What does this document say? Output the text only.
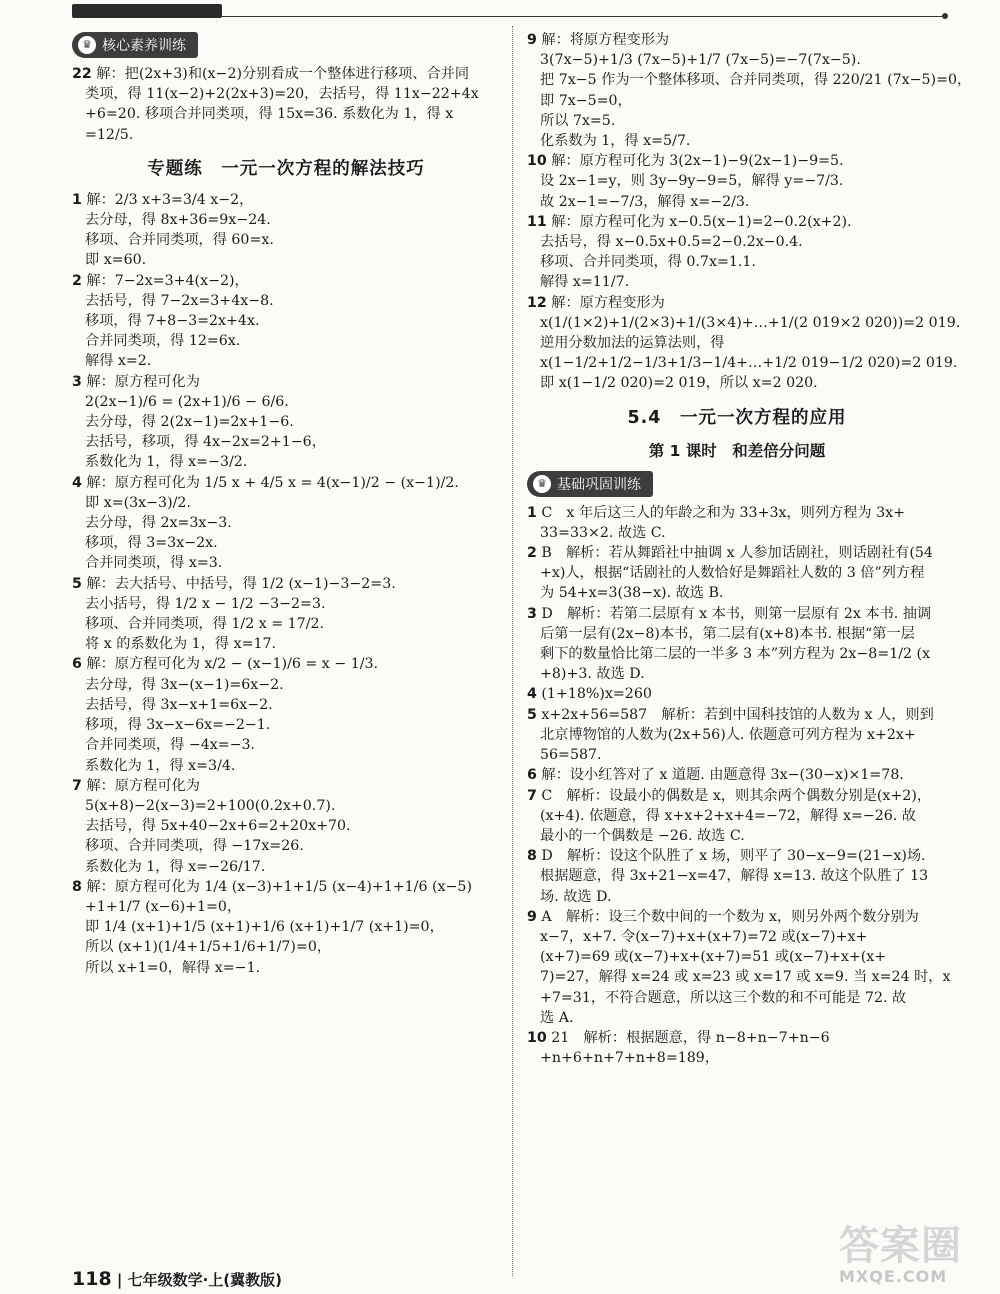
♛ 核心素养训练
22 解：把(2x+3)和(x−2)分别看成一个整体进行移项、合并同
类项，得 11(x−2)+2(2x+3)=20，去括号，得 11x−22+4x
+6=20. 移项合并同类项，得 15x=36. 系数化为 1，得 x
=12/5.
专题练　一元一次方程的解法技巧
1 解：2/3 x+3=3/4 x−2，
去分母，得 8x+36=9x−24.
移项、合并同类项，得 60=x.
即 x=60.
2 解：7−2x=3+4(x−2)，
去括号，得 7−2x=3+4x−8.
移项，得 7+8−3=2x+4x.
合并同类项，得 12=6x.
解得 x=2.
3 解：原方程可化为
2(2x−1)/6 = (2x+1)/6 − 6/6.
去分母，得 2(2x−1)=2x+1−6.
去括号，移项，得 4x−2x=2+1−6，
系数化为 1，得 x=−3/2.
4 解：原方程可化为 1/5 x + 4/5 x = 4(x−1)/2 − (x−1)/2.
即 x=(3x−3)/2.
去分母，得 2x=3x−3.
移项，得 3=3x−2x.
合并同类项，得 x=3.
5 解：去大括号、中括号，得 1/2 (x−1)−3−2=3.
去小括号，得 1/2 x − 1/2 −3−2=3.
移项、合并同类项，得 1/2 x = 17/2.
将 x 的系数化为 1，得 x=17.
6 解：原方程可化为 x/2 − (x−1)/6 = x − 1/3.
去分母，得 3x−(x−1)=6x−2.
去括号，得 3x−x+1=6x−2.
移项，得 3x−x−6x=−2−1.
合并同类项，得 −4x=−3.
系数化为 1，得 x=3/4.
7 解：原方程可化为
5(x+8)−2(x−3)=2+100(0.2x+0.7).
去括号，得 5x+40−2x+6=2+20x+70.
移项、合并同类项，得 −17x=26.
系数化为 1，得 x=−26/17.
8 解：原方程可化为 1/4 (x−3)+1+1/5 (x−4)+1+1/6 (x−5)
+1+1/7 (x−6)+1=0，
即 1/4 (x+1)+1/5 (x+1)+1/6 (x+1)+1/7 (x+1)=0，
所以 (x+1)(1/4+1/5+1/6+1/7)=0，
所以 x+1=0，解得 x=−1.
9 解：将原方程变形为
3(7x−5)+1/3 (7x−5)+1/7 (7x−5)=−7(7x−5).
把 7x−5 作为一个整体移项、合并同类项，得 220/21 (7x−5)=0，
即 7x−5=0，
所以 7x=5.
化系数为 1，得 x=5/7.
10 解：原方程可化为 3(2x−1)−9(2x−1)−9=5.
设 2x−1=y，则 3y−9y−9=5，解得 y=−7/3.
故 2x−1=−7/3，解得 x=−2/3.
11 解：原方程可化为 x−0.5(x−1)=2−0.2(x+2).
去括号，得 x−0.5x+0.5=2−0.2x−0.4.
移项、合并同类项，得 0.7x=1.1.
解得 x=11/7.
12 解：原方程变形为
x(1/(1×2)+1/(2×3)+1/(3×4)+…+1/(2 019×2 020))=2 019.
逆用分数加法的运算法则，得
x(1−1/2+1/2−1/3+1/3−1/4+…+1/2 019−1/2 020)=2 019.
即 x(1−1/2 020)=2 019，所以 x=2 020.
5.4　一元一次方程的应用
第 1 课时　和差倍分问题
♛ 基础巩固训练
1 C　x 年后这三人的年龄之和为 33+3x，则列方程为 3x+
33=33×2. 故选 C.
2 B　解析：若从舞蹈社中抽调 x 人参加话剧社，则话剧社有(54
+x)人，根据“话剧社的人数恰好是舞蹈社人数的 3 倍”列方程
为 54+x=3(38−x). 故选 B.
3 D　解析：若第二层原有 x 本书，则第一层原有 2x 本书. 抽调
后第一层有(2x−8)本书，第二层有(x+8)本书. 根据“第一层
剩下的数量恰比第二层的一半多 3 本”列方程为 2x−8=1/2 (x
+8)+3. 故选 D.
4 (1+18%)x=260
5 x+2x+56=587　解析：若到中国科技馆的人数为 x 人，则到
北京博物馆的人数为(2x+56)人. 依题意可列方程为 x+2x+
56=587.
6 解：设小红答对了 x 道题. 由题意得 3x−(30−x)×1=78.
7 C　解析：设最小的偶数是 x，则其余两个偶数分别是(x+2)，
(x+4). 依题意，得 x+x+2+x+4=−72，解得 x=−26. 故
最小的一个偶数是 −26. 故选 C.
8 D　解析：设这个队胜了 x 场，则平了 30−x−9=(21−x)场.
根据题意，得 3x+21−x=47，解得 x=13. 故这个队胜了 13
场. 故选 D.
9 A　解析：设三个数中间的一个数为 x，则另外两个数分别为
x−7，x+7. 令(x−7)+x+(x+7)=72 或(x−7)+x+
(x+7)=69 或(x−7)+x+(x+7)=51 或(x−7)+x+(x+
7)=27，解得 x=24 或 x=23 或 x=17 或 x=9. 当 x=24 时，x
+7=31，不符合题意，所以这三个数的和不可能是 72. 故
选 A.
10 21　解析：根据题意，得 n−8+n−7+n−6
+n+6+n+7+n+8=189，
118 | 七年级数学·上(冀教版)
答案圈
MXQE.COM
